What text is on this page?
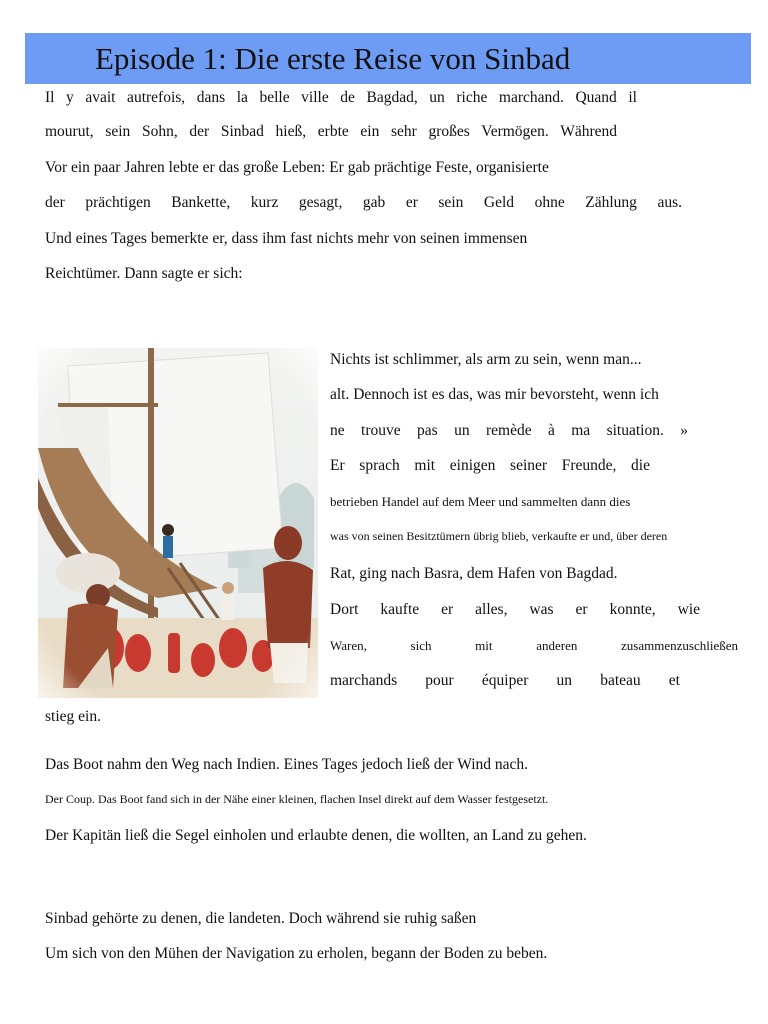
Episode 1: Die erste Reise von Sinbad

Il y avait autrefois, dans la belle ville de Bagdad, un riche marchand. Quand il

mourut, sein Sohn, der Sinbad hieß, erbte ein sehr großes Vermögen. Während

Vor ein paar Jahren lebte er das große Leben: Er gab prächtige Feste, organisierte

der prächtigen Bankette, kurz gesagt, gab er sein Geld ohne Zählung aus.

Und eines Tages bemerkte er, dass ihm fast nichts mehr von seinen immensen

Reichtümer. Dann sagte er sich:

Nichts ist schlimmer, als arm zu sein, wenn man...

alt. Dennoch ist es das, was mir bevorsteht, wenn ich

ne trouve pas un remède à ma situation. »

Er sprach mit einigen seiner Freunde, die

betrieben Handel auf dem Meer und sammelten dann dies

was von seinen Besitztümern übrig blieb, verkaufte er und, über deren

Rat, ging nach Basra, dem Hafen von Bagdad.

Dort kaufte er alles, was er konnte, wie

Waren, sich mit anderen zusammenzuschließen

marchands pour équiper un bateau et

stieg ein.

Das Boot nahm den Weg nach Indien. Eines Tages jedoch ließ der Wind nach.

Der Coup. Das Boot fand sich in der Nähe einer kleinen, flachen Insel direkt auf dem Wasser festgesetzt.

Der Kapitän ließ die Segel einholen und erlaubte denen, die wollten, an Land zu gehen.

Sinbad gehörte zu denen, die landeten. Doch während sie ruhig saßen

Um sich von den Mühen der Navigation zu erholen, begann der Boden zu beben.
